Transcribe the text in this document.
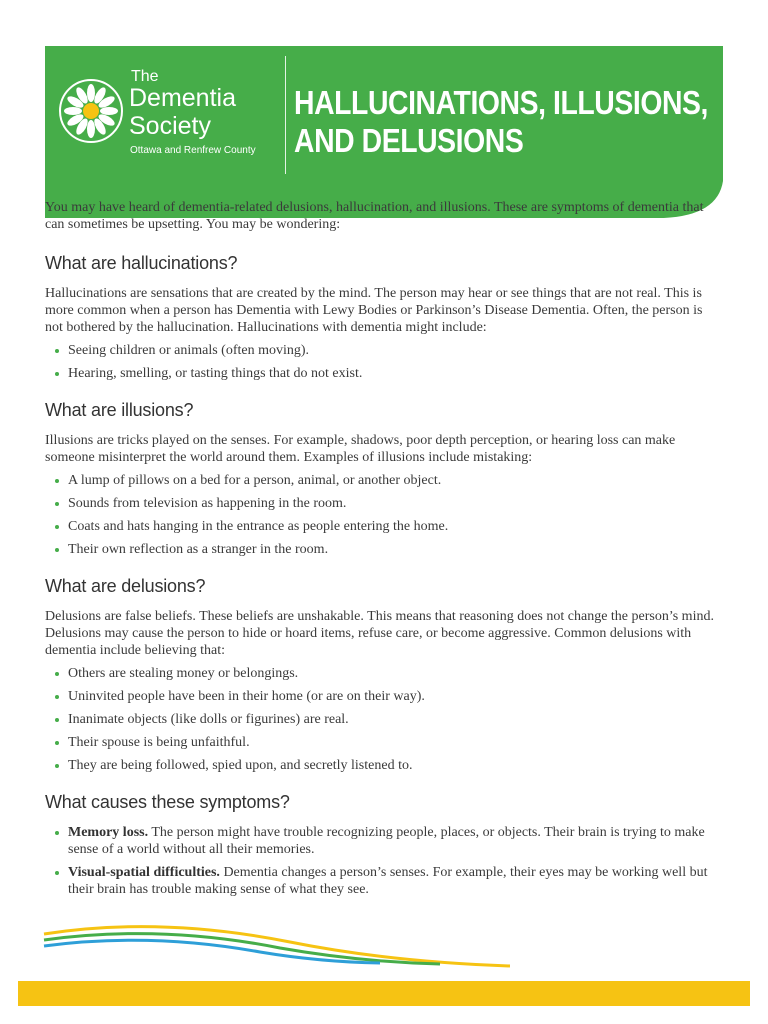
The
Dementia
Society
Ottawa and Renfrew County
HALLUCINATIONS, ILLUSIONS,
AND DELUSIONS

You may have heard of dementia-related delusions, hallucination, and illusions. These are symptoms of dementia that can sometimes be upsetting. You may be wondering:

What are hallucinations?

Hallucinations are sensations that are created by the mind. The person may hear or see things that are not real. This is more common when a person has Dementia with Lewy Bodies or Parkinson’s Disease Dementia. Often, the person is not bothered by the hallucination. Hallucinations with dementia might include:

Seeing children or animals (often moving).
Hearing, smelling, or tasting things that do not exist.
What are illusions?

Illusions are tricks played on the senses. For example, shadows, poor depth perception, or hearing loss can make someone misinterpret the world around them. Examples of illusions include mistaking:

A lump of pillows on a bed for a person, animal, or another object.
Sounds from television as happening in the room.
Coats and hats hanging in the entrance as people entering the home.
Their own reflection as a stranger in the room.
What are delusions?

Delusions are false beliefs. These beliefs are unshakable. This means that reasoning does not change the person’s mind. Delusions may cause the person to hide or hoard items, refuse care, or become aggressive. Common delusions with dementia include believing that:

Others are stealing money or belongings.
Uninvited people have been in their home (or are on their way).
Inanimate objects (like dolls or figurines) are real.
Their spouse is being unfaithful.
They are being followed, spied upon, and secretly listened to.
What causes these symptoms?
Memory loss. The person might have trouble recognizing people, places, or objects. Their brain is trying to make sense of a world without all their memories.
Visual-spatial difficulties. Dementia changes a person’s senses. For example, their eyes may be working well but their brain has trouble making sense of what they see.
